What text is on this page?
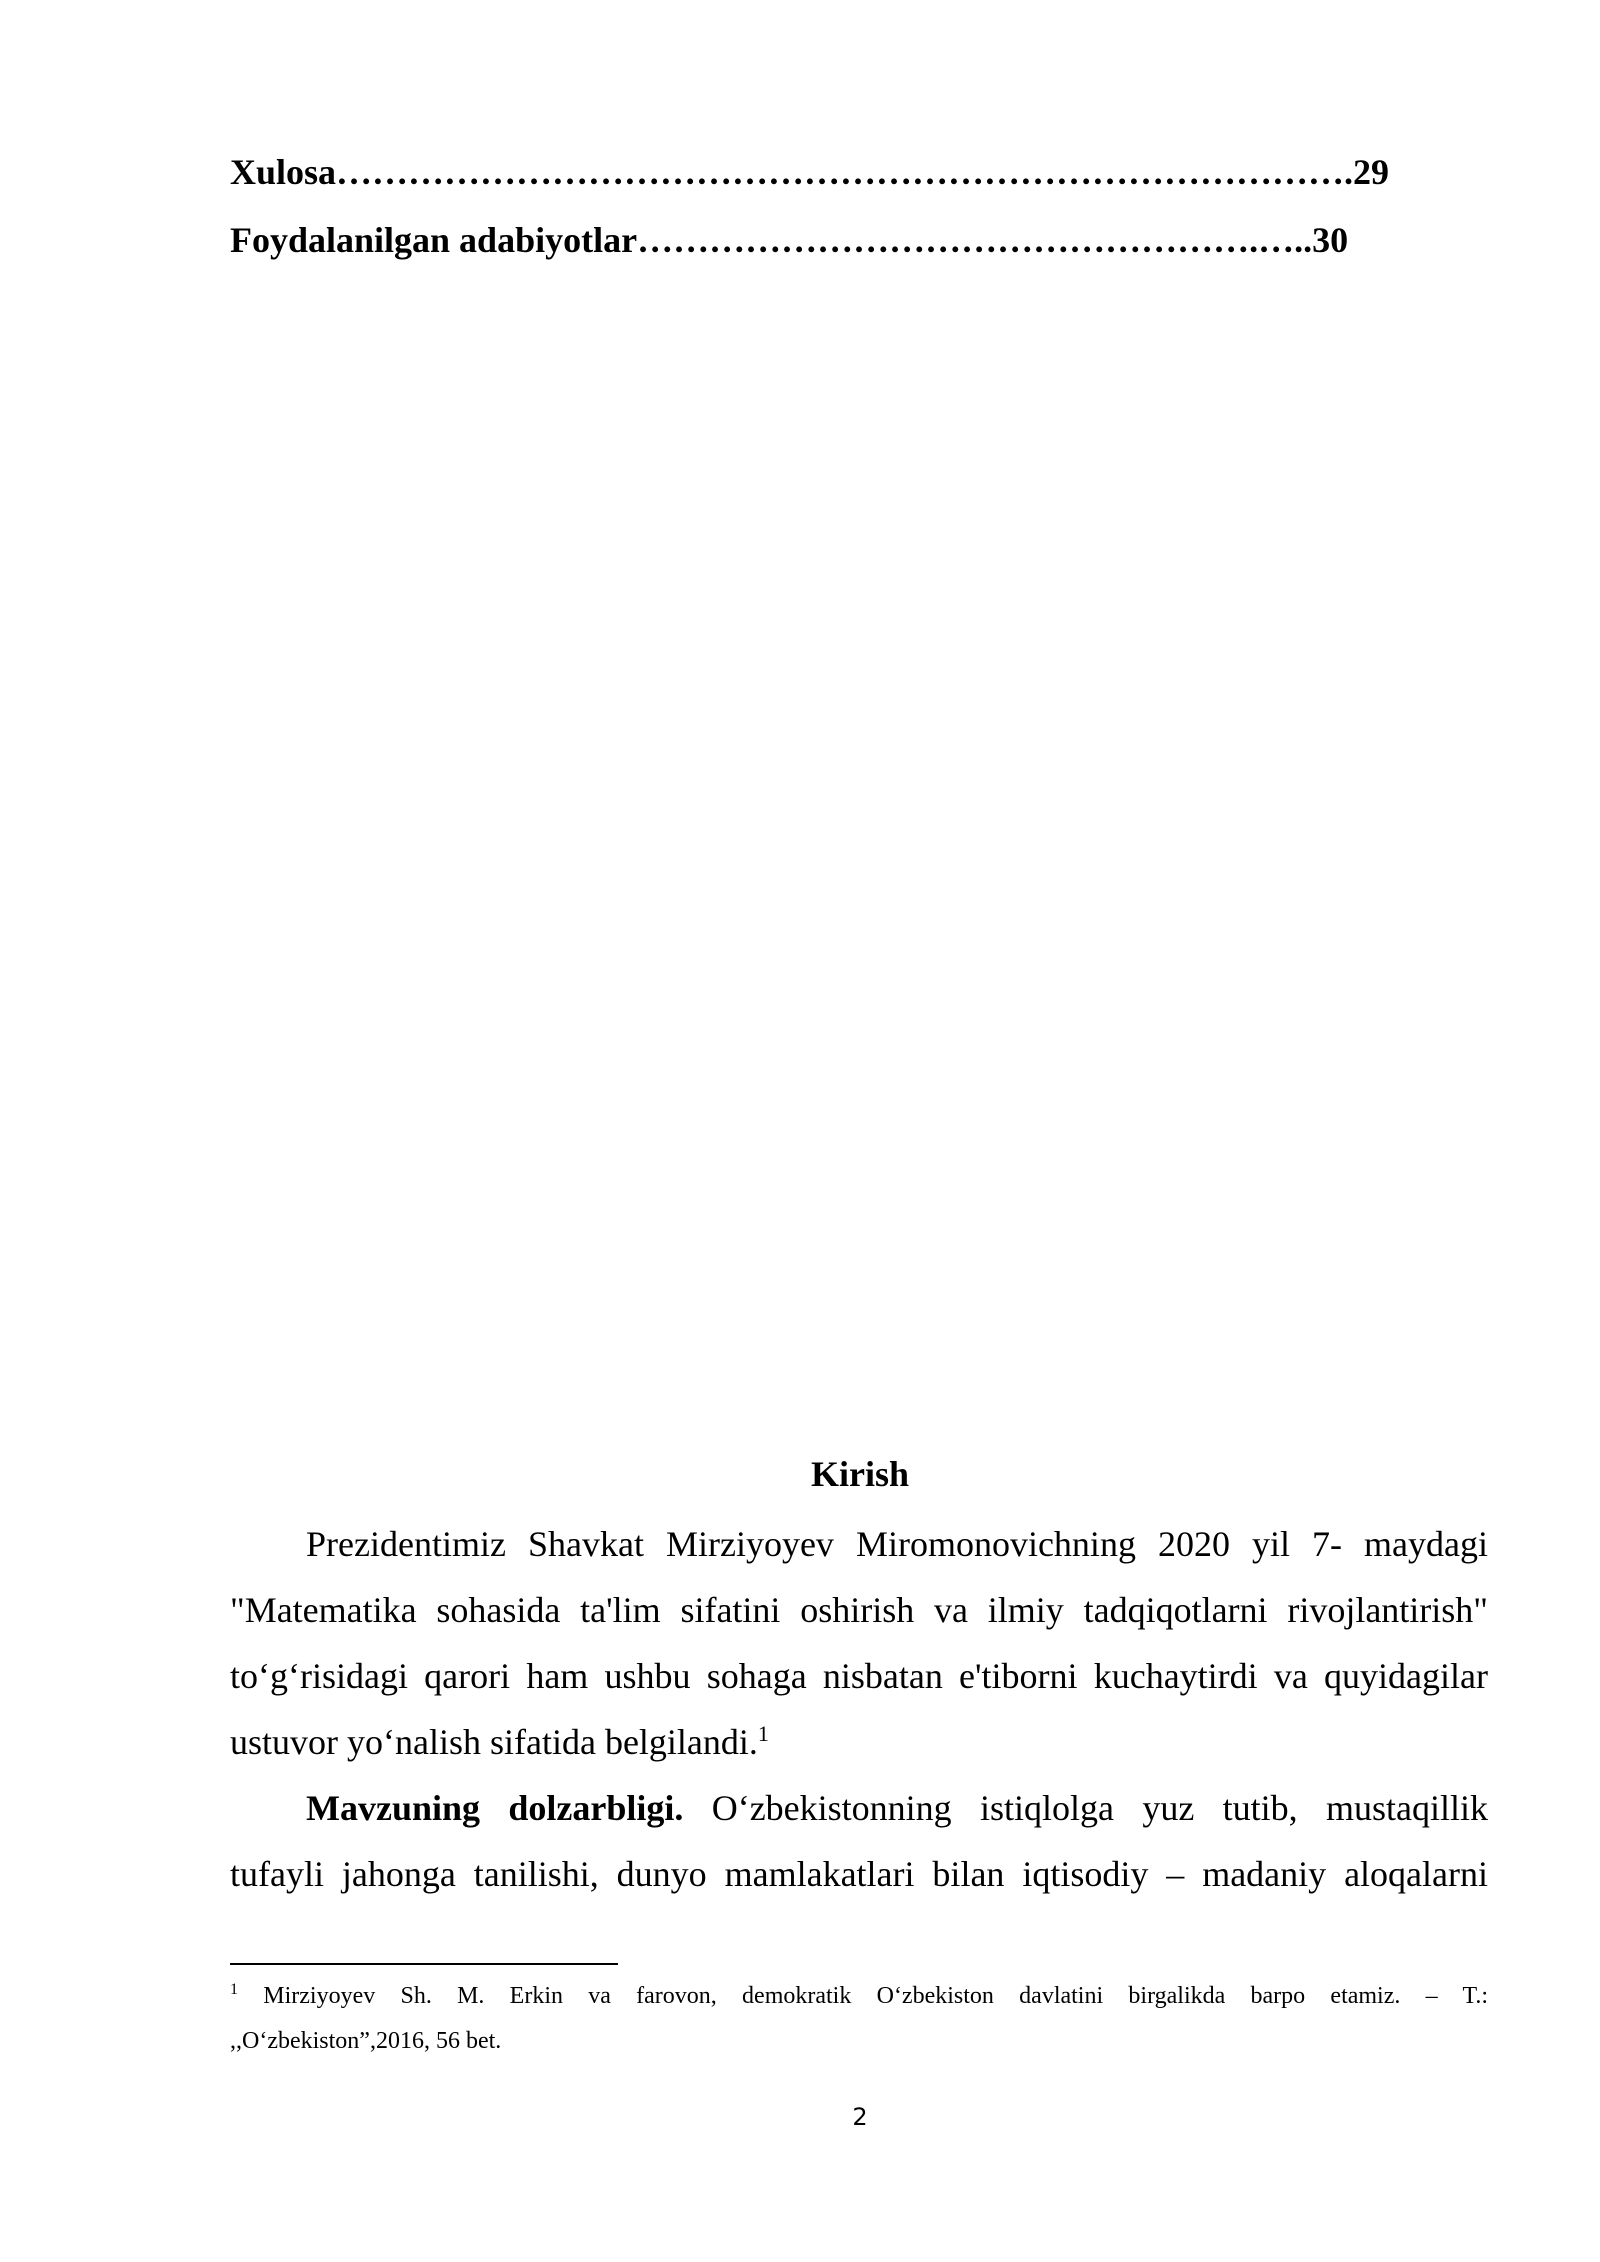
Xulosa………………………………………………………………………….29
Foydalanilgan adabiyotlar…………………………………………….…..30
Kirish
Prezidentimiz Shavkat Mirziyoyev Miromonovichning 2020 yil 7- maydagi
"Matematika sohasida ta'lim sifatini oshirish va ilmiy tadqiqotlarni rivojlantirish"
to‘g‘risidagi qarori ham ushbu sohaga nisbatan e'tiborni kuchaytirdi va quyidagilar
ustuvor yo‘nalish sifatida belgilandi.$^1$
Mavzuning dolzarbligi. O‘zbekistonning istiqlolga yuz tutib, mustaqillik
tufayli jahonga tanilishi, dunyo mamlakatlari bilan iqtisodiy – madaniy aloqalarni
$^1$ Mirziyoyev Sh. M. Erkin va farovon, demokratik O‘zbekiston davlatini birgalikda barpo etamiz. – T.:
,,O‘zbekiston”,2016, 56 bet.
2
